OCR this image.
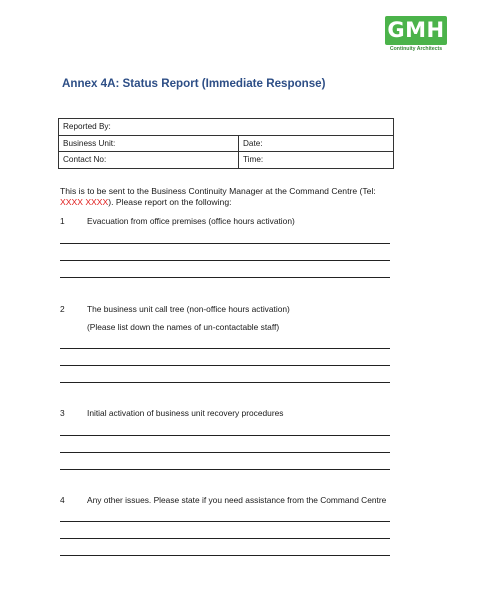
GMH
Continuity Architects
Annex 4A: Status Report (Immediate Response)
Reported By:	
Business Unit:	Date:
Contact No:	Time:
This is to be sent to the Business Continuity Manager at the Command Centre (Tel: XXXX XXXX). Please report on the following:
1	Evacuation from office premises (office hours activation)
2	The business unit call tree (non-office hours activation)
(Please list down the names of un-contactable staff)
3	Initial activation of business unit recovery procedures
4	Any other issues. Please state if you need assistance from the Command Centre
